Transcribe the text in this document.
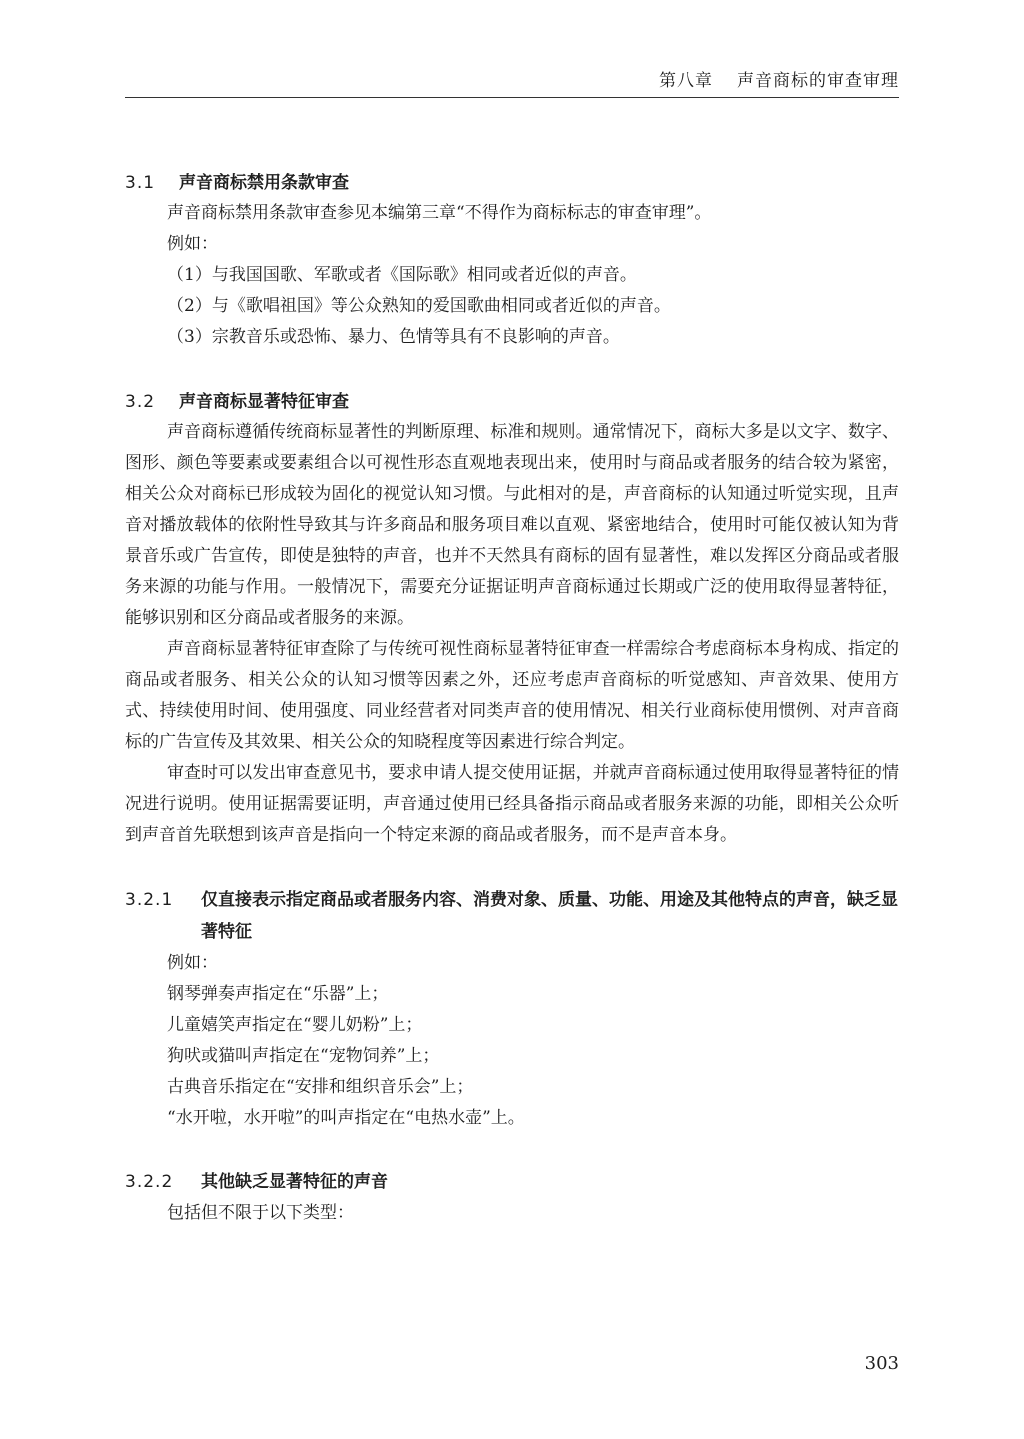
第八章 声音商标的审查审理
3.1 声音商标禁用条款审查

声音商标禁用条款审查参见本编第三章“不得作为商标标志的审查审理”。

例如：

（1）与我国国歌、军歌或者《国际歌》相同或者近似的声音。

（2）与《歌唱祖国》等公众熟知的爱国歌曲相同或者近似的声音。

（3）宗教音乐或恐怖、暴力、色情等具有不良影响的声音。

3.2 声音商标显著特征审查

声音商标遵循传统商标显著性的判断原理、标准和规则。通常情况下，商标大多是以文字、数字、图形、颜色等要素或要素组合以可视性形态直观地表现出来，使用时与商品或者服务的结合较为紧密，相关公众对商标已形成较为固化的视觉认知习惯。与此相对的是，声音商标的认知通过听觉实现，且声音对播放载体的依附性导致其与许多商品和服务项目难以直观、紧密地结合，使用时可能仅被认知为背景音乐或广告宣传，即使是独特的声音，也并不天然具有商标的固有显著性，难以发挥区分商品或者服务来源的功能与作用。一般情况下，需要充分证据证明声音商标通过长期或广泛的使用取得显著特征，能够识别和区分商品或者服务的来源。

声音商标显著特征审查除了与传统可视性商标显著特征审查一样需综合考虑商标本身构成、指定的商品或者服务、相关公众的认知习惯等因素之外，还应考虑声音商标的听觉感知、声音效果、使用方式、持续使用时间、使用强度、同业经营者对同类声音的使用情况、相关行业商标使用惯例、对声音商标的广告宣传及其效果、相关公众的知晓程度等因素进行综合判定。

审查时可以发出审查意见书，要求申请人提交使用证据，并就声音商标通过使用取得显著特征的情况进行说明。使用证据需要证明，声音通过使用已经具备指示商品或者服务来源的功能，即相关公众听到声音首先联想到该声音是指向一个特定来源的商品或者服务，而不是声音本身。

3.2.1	仅直接表示指定商品或者服务内容、消费对象、质量、功能、用途及其他特点的声音，缺乏显著特征

例如：

钢琴弹奏声指定在“乐器”上；

儿童嬉笑声指定在“婴儿奶粉”上；

狗吠或猫叫声指定在“宠物饲养”上；

古典音乐指定在“安排和组织音乐会”上；

“水开啦，水开啦”的叫声指定在“电热水壶”上。

3.2.2	其他缺乏显著特征的声音

包括但不限于以下类型：

303
